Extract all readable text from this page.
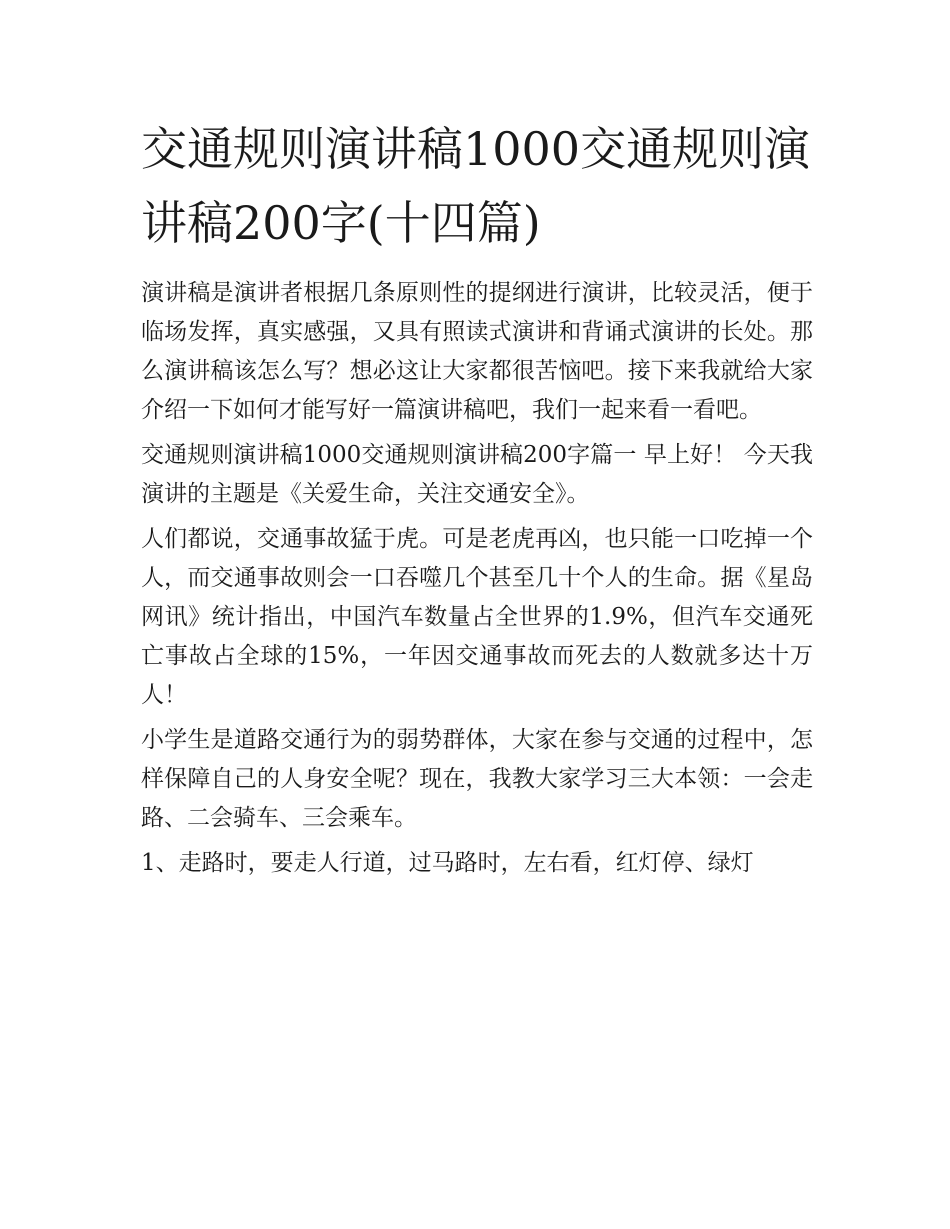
交通规则演讲稿1000交通规则演讲稿200字(十四篇)

演讲稿是演讲者根据几条原则性的提纲进行演讲，比较灵活，便于临场发挥，真实感强，又具有照读式演讲和背诵式演讲的长处。那么演讲稿该怎么写？想必这让大家都很苦恼吧。接下来我就给大家介绍一下如何才能写好一篇演讲稿吧，我们一起来看一看吧。

交通规则演讲稿1000交通规则演讲稿200字篇一 早上好！ 今天我演讲的主题是《关爱生命，关注交通安全》。

人们都说，交通事故猛于虎。可是老虎再凶，也只能一口吃掉一个人，而交通事故则会一口吞噬几个甚至几十个人的生命。据《星岛网讯》统计指出，中国汽车数量占全世界的1.9%，但汽车交通死亡事故占全球的15%，一年因交通事故而死去的人数就多达十万人！

小学生是道路交通行为的弱势群体，大家在参与交通的过程中，怎样保障自己的人身安全呢？现在，我教大家学习三大本领：一会走路、二会骑车、三会乘车。

1、走路时，要走人行道，过马路时，左右看，红灯停、绿灯
